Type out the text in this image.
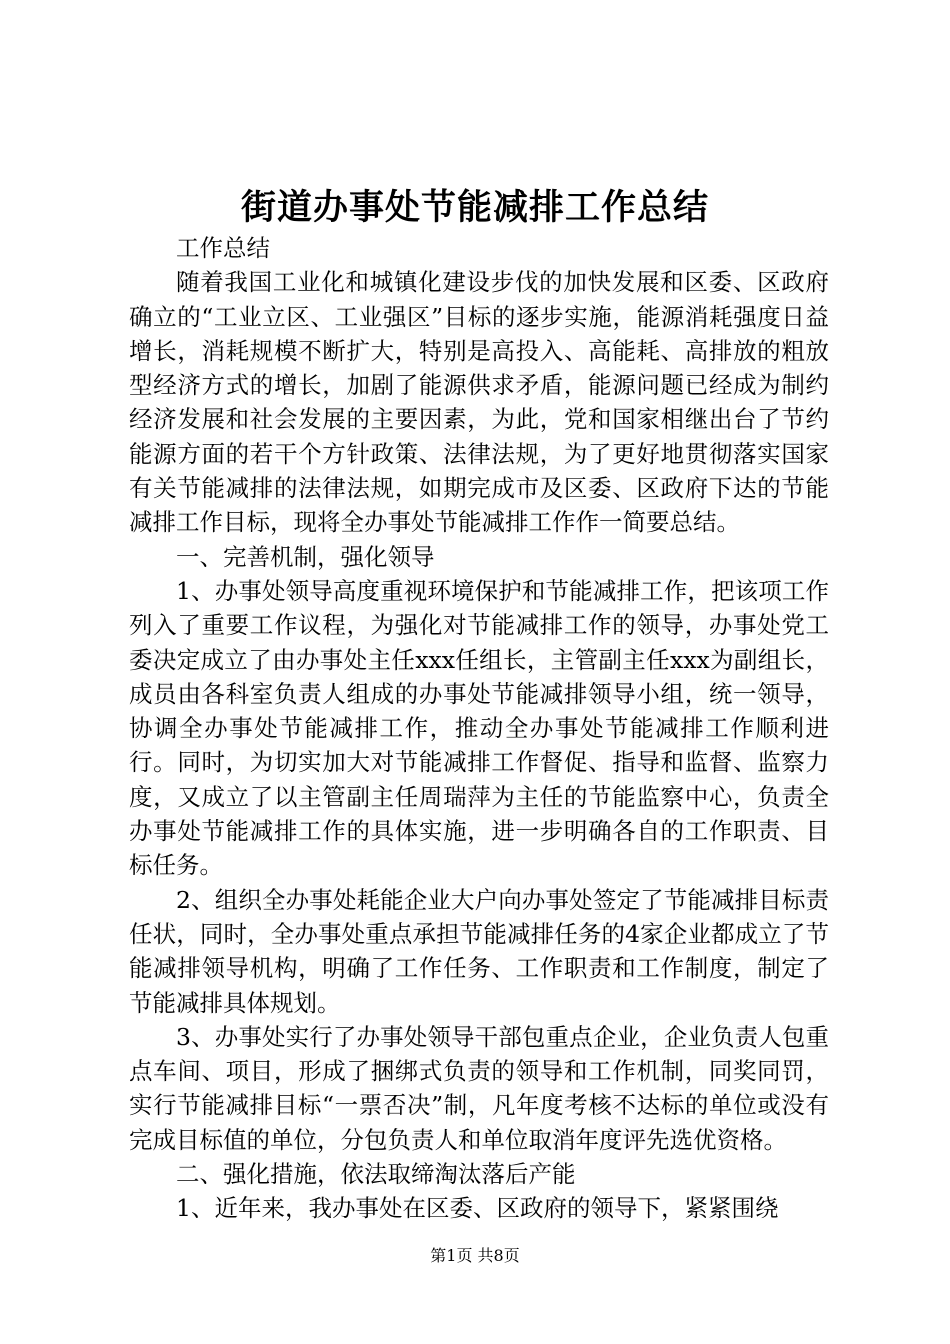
街道办事处节能减排工作总结

工作总结

随着我国工业化和城镇化建设步伐的加快发展和区委、区政府确立的“工业立区、工业强区”目标的逐步实施，能源消耗强度日益增长，消耗规模不断扩大，特别是高投入、高能耗、高排放的粗放型经济方式的增长，加剧了能源供求矛盾，能源问题已经成为制约经济发展和社会发展的主要因素，为此，党和国家相继出台了节约能源方面的若干个方针政策、法律法规，为了更好地贯彻落实国家有关节能减排的法律法规，如期完成市及区委、区政府下达的节能减排工作目标，现将全办事处节能减排工作作一简要总结。

一、完善机制，强化领导

1、办事处领导高度重视环境保护和节能减排工作，把该项工作列入了重要工作议程，为强化对节能减排工作的领导，办事处党工委决定成立了由办事处主任xxx任组长，主管副主任xxx为副组长，成员由各科室负责人组成的办事处节能减排领导小组，统一领导，协调全办事处节能减排工作，推动全办事处节能减排工作顺利进行。同时，为切实加大对节能减排工作督促、指导和监督、监察力度，又成立了以主管副主任周瑞萍为主任的节能监察中心，负责全办事处节能减排工作的具体实施，进一步明确各自的工作职责、目标任务。

2、组织全办事处耗能企业大户向办事处签定了节能减排目标责任状，同时，全办事处重点承担节能减排任务的4家企业都成立了节能减排领导机构，明确了工作任务、工作职责和工作制度，制定了节能减排具体规划。

3、办事处实行了办事处领导干部包重点企业，企业负责人包重点车间、项目，形成了捆绑式负责的领导和工作机制，同奖同罚，实行节能减排目标“一票否决”制，凡年度考核不达标的单位或没有完成目标值的单位，分包负责人和单位取消年度评先选优资格。

二、强化措施，依法取缔淘汰落后产能

1、近年来，我办事处在区委、区政府的领导下，紧紧围绕

第1页 共8页
